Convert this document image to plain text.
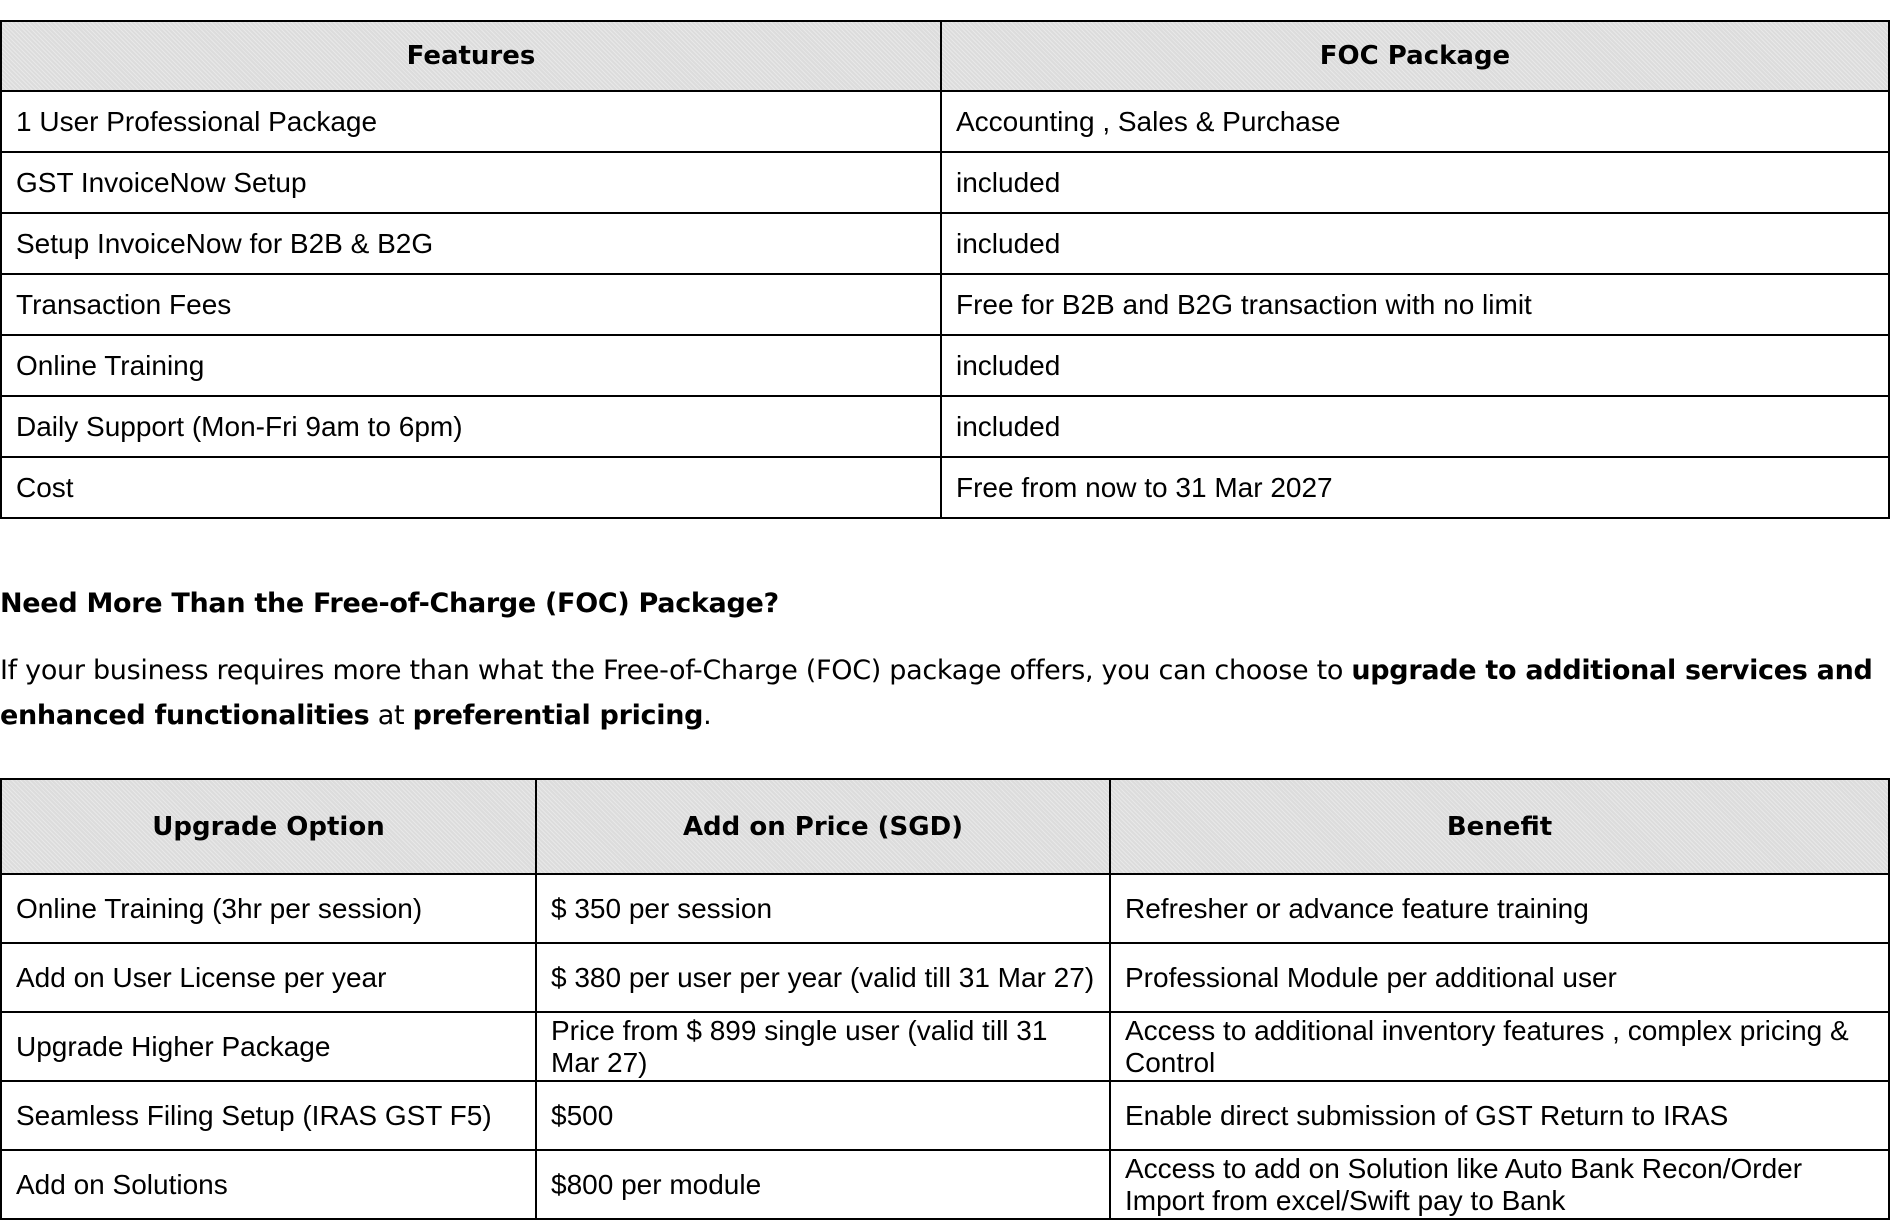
Features	FOC Package
1 User Professional Package	Accounting , Sales & Purchase
GST InvoiceNow Setup	included
Setup InvoiceNow for B2B & B2G	included
Transaction Fees	Free for B2B and B2G transaction with no limit
Online Training	included
Daily Support (Mon-Fri 9am to 6pm)	included
Cost	Free from now to 31 Mar 2027

Need More Than the Free-of-Charge (FOC) Package?

If your business requires more than what the Free-of-Charge (FOC) package offers, you can choose to upgrade to additional services and enhanced functionalities at preferential pricing.

Upgrade Option	Add on Price (SGD)	Benefit
Online Training (3hr per session)	$ 350 per session	Refresher or advance feature training
Add on User License per year	$ 380 per user per year (valid till 31 Mar 27)	Professional Module per additional user
Upgrade Higher Package	Price from $ 899 single user (valid till 31 Mar 27)	Access to additional inventory features , complex pricing & Control
Seamless Filing Setup (IRAS GST F5)	$500	Enable direct submission of GST Return to IRAS
Add on Solutions	$800 per module	Access to add on Solution like Auto Bank Recon/Order Import from excel/Swift pay to Bank
